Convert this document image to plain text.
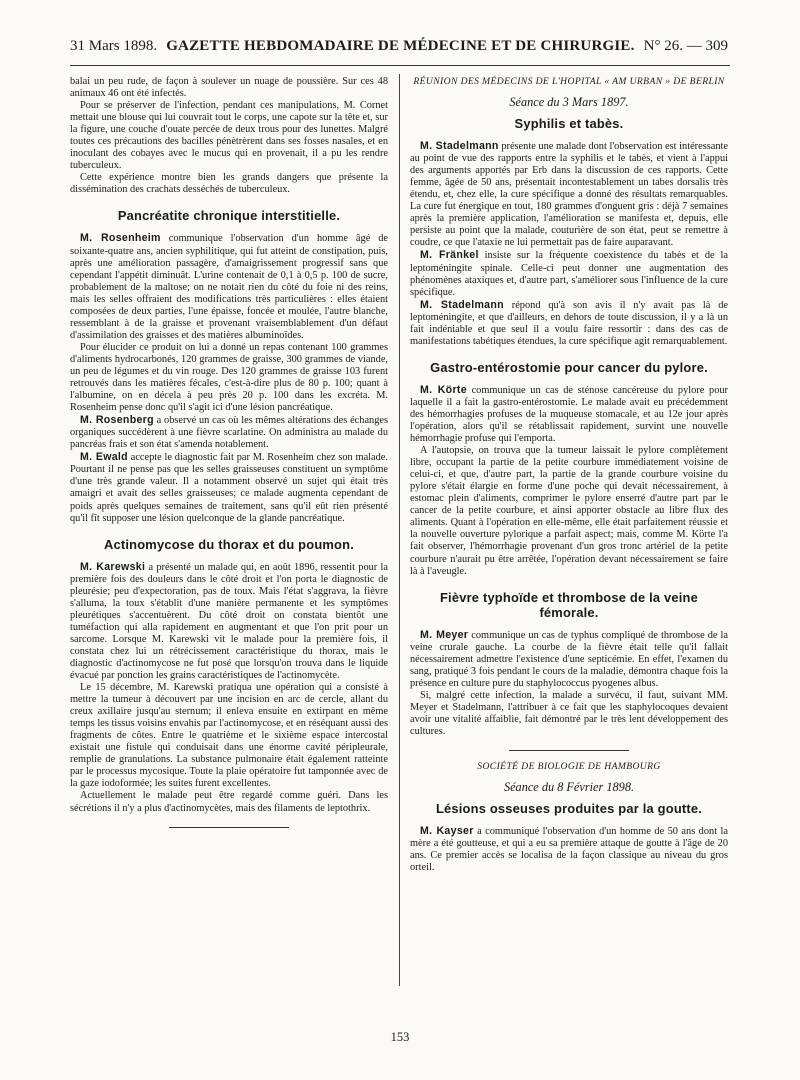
31 Mars 1898. GAZETTE HEBDOMADAIRE DE MÉDECINE ET DE CHIRURGIE. N° 26. — 309

balai un peu rude, de façon à soulever un nuage de poussière. Sur ces 48 animaux 46 ont été infectés.

Pour se préserver de l'infection, pendant ces manipulations, M. Cornet mettait une blouse qui lui couvrait tout le corps, une capote sur la tête et, sur la figure, une couche d'ouate percée de deux trous pour des lunettes. Malgré toutes ces précautions des bacilles pénètrèrent dans ses fosses nasales, et en inoculant des cobayes avec le mucus qui en provenait, il a pu les rendre tuberculeux.

Cette expérience montre bien les grands dangers que présente la dissémination des crachats desséchés de tuberculeux.

Pancréatite chronique interstitielle.

M. Rosenheim communique l'observation d'un homme âgé de soixante-quatre ans, ancien syphilitique, qui fut atteint de constipation, puis, après une amélioration passagère, d'amaigrissement progressif sans que cependant l'appétit diminuât. L'urine contenait de 0,1 à 0,5 p. 100 de sucre, probablement de la maltose; on ne notait rien du côté du foie ni des reins, mais les selles offraient des modifications très particulières : elles étaient composées de deux parties, l'une épaisse, foncée et moulée, l'autre blanche, ressemblant à de la graisse et provenant vraisemblablement d'un défaut d'assimilation des graisses et des matières albuminoïdes.

Pour élucider ce produit on lui a donné un repas contenant 100 grammes d'aliments hydrocarbonés, 120 grammes de graisse, 300 grammes de viande, un peu de légumes et du vin rouge. Des 120 grammes de graisse 103 furent retrouvés dans les matières fécales, c'est-à-dire plus de 80 p. 100; quant à l'albumine, on en décela à peu près 20 p. 100 dans les excréta. M. Rosenheim pense donc qu'il s'agit ici d'une lésion pancréatique.

M. Rosenberg a observé un cas où les mêmes altérations des échanges organiques succédèrent à une fièvre scarlatine. On administra au malade du pancréas frais et son état s'amenda notablement.

M. Ewald accepte le diagnostic fait par M. Rosenheim chez son malade. Pourtant il ne pense pas que les selles graisseuses constituent un symptôme d'une très grande valeur. Il a notamment observé un sujet qui était très amaigri et avait des selles graisseuses; ce malade augmenta cependant de poids après quelques semaines de traitement, sans qu'il eût rien présenté qu'il fît supposer une lésion quelconque de la glande pancréatique.

Actinomycose du thorax et du poumon.

M. Karewski a présenté un malade qui, en août 1896, ressentit pour la première fois des douleurs dans le côté droit et l'on porta le diagnostic de pleurésie; peu d'expectoration, pas de toux. Mais l'état s'aggrava, la fièvre s'alluma, la toux s'établit d'une manière permanente et les symptômes pleurétiques s'accentuèrent. Du côté droit on constata bientôt une tuméfaction qui alla rapidement en augmentant et que l'on prit pour un sarcome. Lorsque M. Karewski vit le malade pour la première fois, il constata chez lui un rétrécissement caractéristique du thorax, mais le diagnostic d'actinomycose ne fut posé que lorsqu'on trouva dans le liquide évacué par ponction les grains caractéristiques de l'actinomycète.

Le 15 décembre, M. Karewski pratiqua une opération qui a consisté à mettre la tumeur à découvert par une incision en arc de cercle, allant du creux axillaire jusqu'au sternum; il enleva ensuite en extirpant en même temps les tissus voisins envahis par l'actinomycose, et en réséquant aussi des fragments de côtes. Entre le quatrième et le sixième espace intercostal existait une fistule qui conduisait dans une énorme cavité péripleurale, remplie de granulations. La substance pulmonaire était également ratteinte par le processus mycosique. Toute la plaie opératoire fut tamponnée avec de la gaze iodoformée; les suites furent excellentes.

Actuellement le malade peut être regardé comme guéri. Dans les sécrétions il n'y a plus d'actinomycètes, mais des filaments de leptothrix.

RÉUNION DES MÉDECINS DE L'HOPITAL « AM URBAN » DE BERLIN
Séance du 3 Mars 1897.
Syphilis et tabès.

M. Stadelmann présente une malade dont l'observation est intéressante au point de vue des rapports entre la syphilis et le tabès, et vient à l'appui des arguments apportés par Erb dans la discussion de ces rapports. Cette femme, âgée de 50 ans, présentait incontestablement un tabes dorsalis très étendu, et, chez elle, la cure spécifique a donné des résultats remarquables. La cure fut énergique en tout, 180 grammes d'onguent gris : déjà 7 semaines après la première application, l'amélioration se manifesta et, depuis, elle persiste au point que la malade, couturière de son état, peut se remettre à coudre, ce que l'ataxie ne lui permettait pas de faire auparavant.

M. Fränkel insiste sur la fréquente coexistence du tabès et de la leptoméningite spinale. Celle-ci peut donner une augmentation des phénomènes ataxiques et, d'autre part, s'améliorer sous l'influence de la cure spécifique.

M. Stadelmann répond qu'à son avis il n'y avait pas là de leptoméningite, et que d'ailleurs, en dehors de toute discussion, il y a là un fait indéniable et que seul il a voulu faire ressortir : dans des cas de manifestations tabétiques étendues, la cure spécifique agit remarquablement.

Gastro-entérostomie pour cancer du pylore.

M. Körte communique un cas de sténose cancéreuse du pylore pour laquelle il a fait la gastro-entérostomie. Le malade avait eu précédemment des hémorrhagies profuses de la muqueuse stomacale, et au 12e jour après l'opération, alors qu'il se rétablissait rapidement, survint une nouvelle hémorrhagie profuse qui l'emporta.

A l'autopsie, on trouva que la tumeur laissait le pylore complètement libre, occupant la partie de la petite courbure immédiatement voisine de celui-ci, et que, d'autre part, la partie de la grande courbure voisine du pylore s'était élargie en forme d'une poche qui devait nécessairement, à estomac plein d'aliments, comprimer le pylore enserré d'autre part par le cancer de la petite courbure, et ainsi apporter obstacle au libre flux des aliments. Quant à l'opération en elle-même, elle était parfaitement réussie et la nouvelle ouverture pylorique a parfait aspect; mais, comme M. Körte l'a fait observer, l'hémorrhagie provenant d'un gros tronc artériel de la petite courbure n'aurait pu être arrêtée, l'opération devant nécessairement se faire là à l'aveugle.

Fièvre typhoïde et thrombose de la veine fémorale.

M. Meyer communique un cas de typhus compliqué de thrombose de la veine crurale gauche. La courbe de la fièvre était telle qu'il fallait nécessairement admettre l'existence d'une septicémie. En effet, l'examen du sang, pratiqué 3 fois pendant le cours de la maladie, démontra chaque fois la présence en culture pure du staphylococcus pyogenes albus.

Si, malgré cette infection, la malade a survécu, il faut, suivant MM. Meyer et Stadelmann, l'attribuer à ce fait que les staphylocoques devaient avoir une vitalité affaiblie, fait démontré par le très lent développement des cultures.

SOCIÉTÉ DE BIOLOGIE DE HAMBOURG
Séance du 8 Février 1898.
Lésions osseuses produites par la goutte.

M. Kayser a communiqué l'observation d'un homme de 50 ans dont la mère a été goutteuse, et qui a eu sa première attaque de goutte à l'âge de 20 ans. Ce premier accès se localisa de la façon classique au niveau du gros orteil.

153
